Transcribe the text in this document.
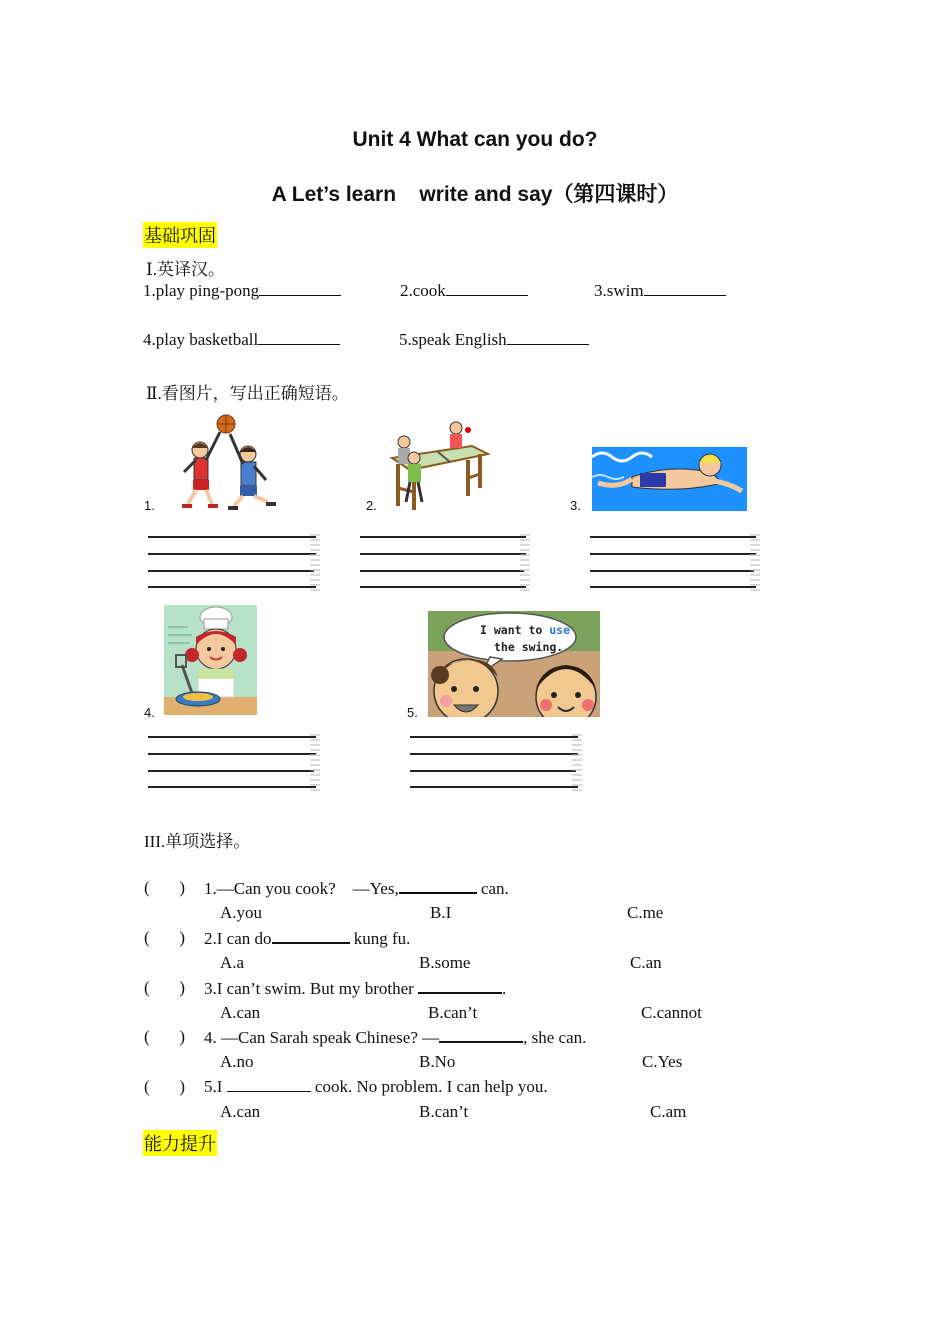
Unit 4 What can you do?
A Let’s learn    write and say（第四课时）
基础巩固
Ⅰ.英译汉。
1.play ping-pong	2.cook	3.swim
4.play basketball	5.speak English
Ⅱ.看图片，写出正确短语。
1.	2.	3.
4.	5.
I want to use
the swing.
III.单项选择。
(       ) 1.—Can you cook?    —Yes,	can.
A.you	B.I	C.me
(       ) 2.I can do	kung fu.
A.a	B.some	C.an
(       ) 3.I can’t swim. But my brother	.
A.can	B.can’t	C.cannot
(       ) 4. —Can Sarah speak Chinese? —	, she can.
A.no	B.No	C.Yes
(       ) 5.I	cook. No problem. I can help you.
A.can	B.can’t	C.am
能力提升
